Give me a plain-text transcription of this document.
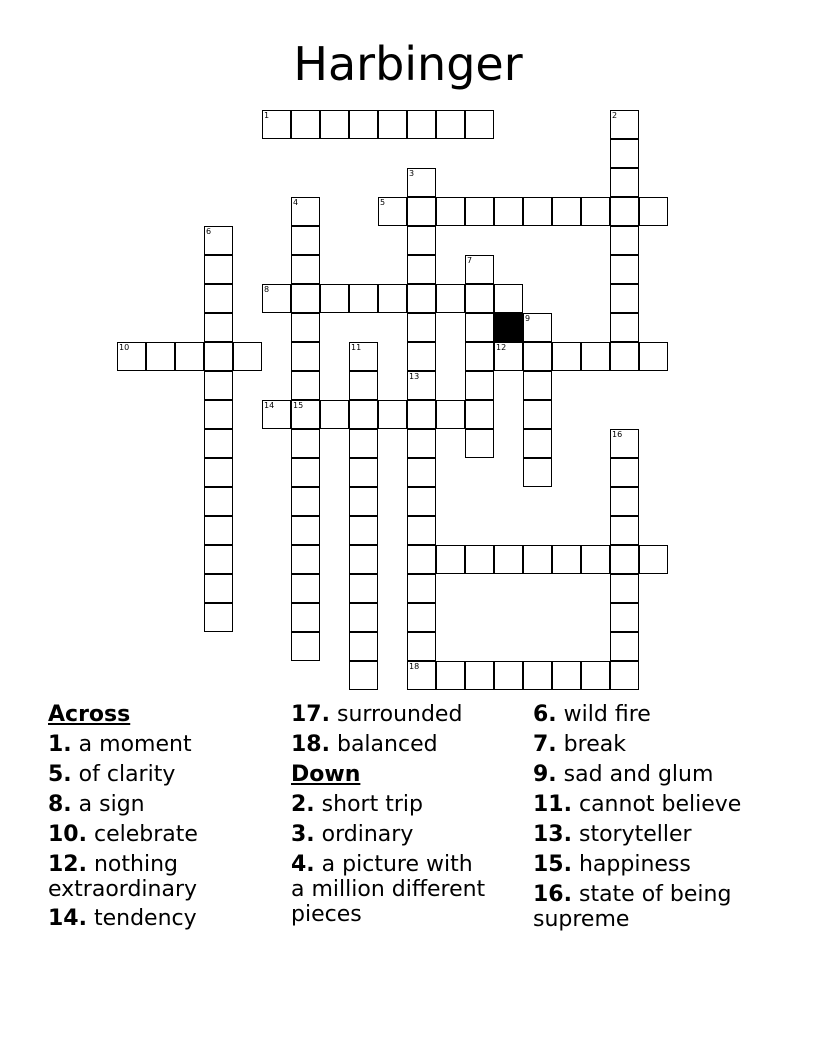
Harbinger
1	2
3
4	5
6
7
8
9
10	11	12
13
14 15
16
18
Across
1. a moment
5. of clarity
8. a sign
10. celebrate
12. nothing
extraordinary
14. tendency
17. surrounded
18. balanced
Down
2. short trip
3. ordinary
4. a picture with
a million different
pieces
6. wild fire
7. break
9. sad and glum
11. cannot believe
13. storyteller
15. happiness
16. state of being
supreme
